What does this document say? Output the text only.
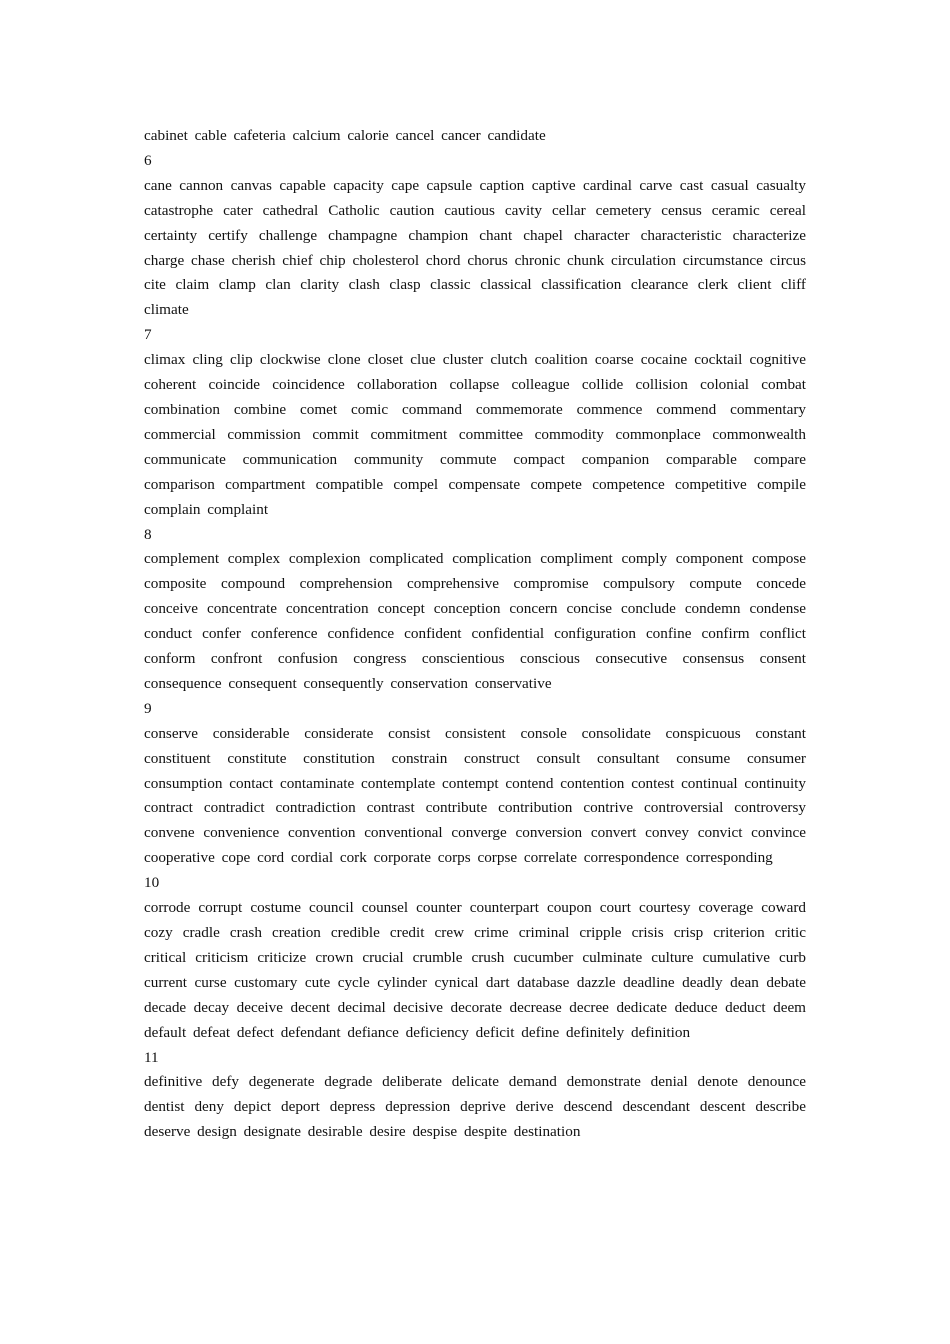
cabinet cable cafeteria calcium calorie cancel cancer candidate

6

cane cannon canvas capable capacity cape capsule caption captive cardinal carve cast casual casualty catastrophe cater cathedral Catholic caution cautious cavity cellar cemetery census ceramic cereal certainty certify challenge champagne champion chant chapel character characteristic characterize charge chase cherish chief chip cholesterol chord chorus chronic chunk circulation circumstance circus cite claim clamp clan clarity clash clasp classic classical classification clearance clerk client cliff climate

7

climax cling clip clockwise clone closet clue cluster clutch coalition coarse cocaine cocktail cognitive coherent coincide coincidence collaboration collapse colleague collide collision colonial combat combination combine comet comic command commemorate commence commend commentary commercial commission commit commitment committee commodity commonplace commonwealth communicate communication community commute compact companion comparable compare comparison compartment compatible compel compensate compete competence competitive compile complain complaint

8

complement complex complexion complicated complication compliment comply component compose composite compound comprehension comprehensive compromise compulsory compute concede conceive concentrate concentration concept conception concern concise conclude condemn condense conduct confer conference confidence confident confidential configuration confine confirm conflict conform confront confusion congress conscientious conscious consecutive consensus consent consequence consequent consequently conservation conservative

9

conserve considerable considerate consist consistent console consolidate conspicuous constant constituent constitute constitution constrain construct consult consultant consume consumer consumption contact contaminate contemplate contempt contend contention contest continual continuity contract contradict contradiction contrast contribute contribution contrive controversial controversy convene convenience convention conventional converge conversion convert convey convict convince cooperative cope cord cordial cork corporate corps corpse correlate correspondence corresponding

10

corrode corrupt costume council counsel counter counterpart coupon court courtesy coverage coward cozy cradle crash creation credible credit crew crime criminal cripple crisis crisp criterion critic critical criticism criticize crown crucial crumble crush cucumber culminate culture cumulative curb current curse customary cute cycle cylinder cynical dart database dazzle deadline deadly dean debate decade decay deceive decent decimal decisive decorate decrease decree dedicate deduce deduct deem default defeat defect defendant defiance deficiency deficit define definitely definition

11

definitive defy degenerate degrade deliberate delicate demand demonstrate denial denote denounce dentist deny depict deport depress depression deprive derive descend descendant descent describe deserve design designate desirable desire despise despite destination
